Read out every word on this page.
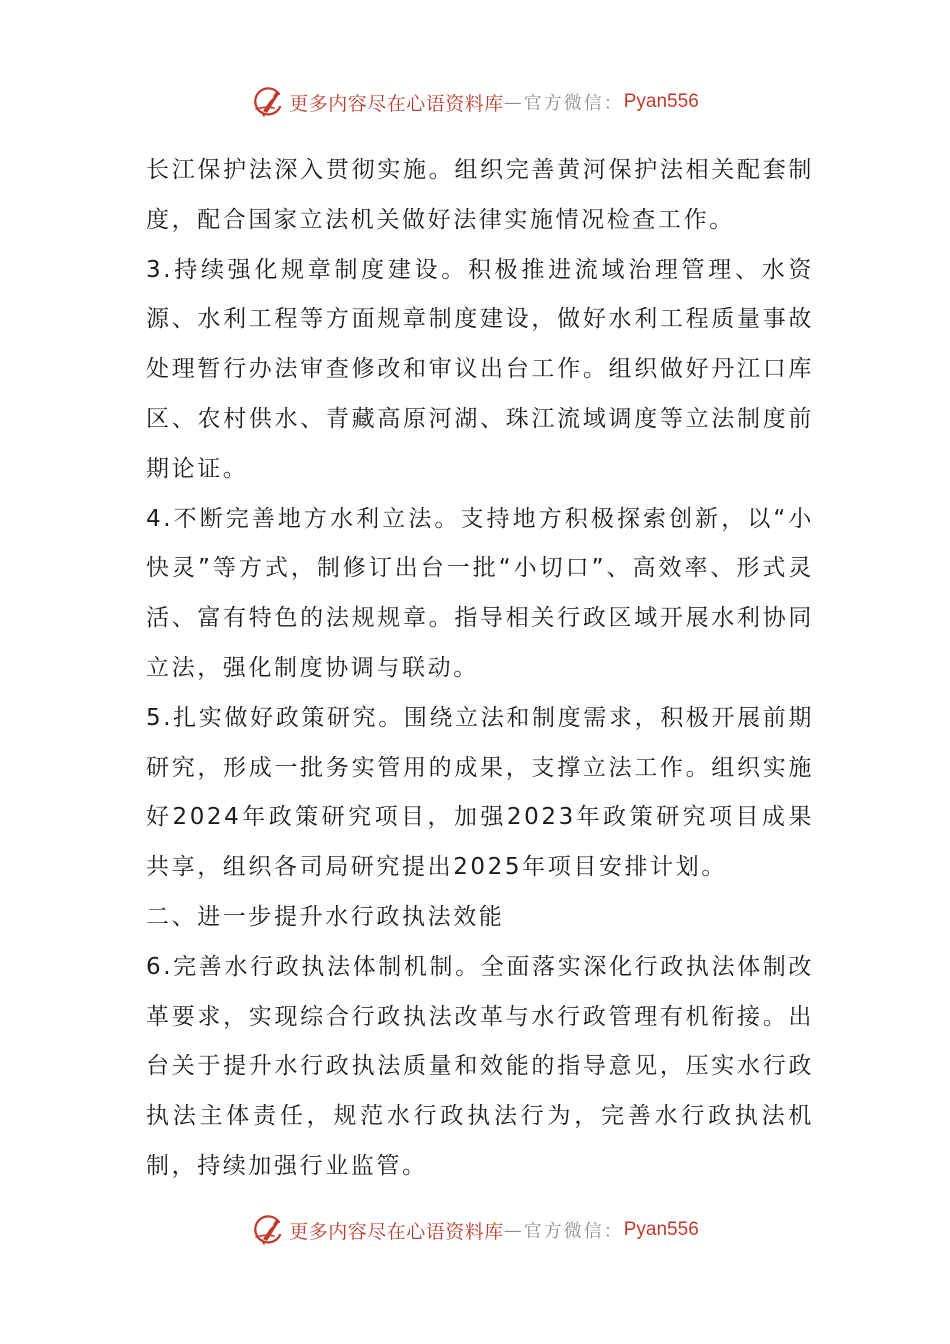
更多内容尽在心语资料库 — 官方微信： Pyan556

长江保护法深入贯彻实施。组织完善黄河保护法相关配套制度，配合国家立法机关做好法律实施情况检查工作。

3.持续强化规章制度建设。积极推进流域治理管理、水资源、水利工程等方面规章制度建设，做好水利工程质量事故处理暂行办法审查修改和审议出台工作。组织做好丹江口库区、农村供水、青藏高原河湖、珠江流域调度等立法制度前期论证。

4.不断完善地方水利立法。支持地方积极探索创新，以“小快灵”等方式，制修订出台一批“小切口”、高效率、形式灵活、富有特色的法规规章。指导相关行政区域开展水利协同立法，强化制度协调与联动。

5.扎实做好政策研究。围绕立法和制度需求，积极开展前期研究，形成一批务实管用的成果，支撑立法工作。组织实施好2024年政策研究项目，加强2023年政策研究项目成果共享，组织各司局研究提出2025年项目安排计划。

二、进一步提升水行政执法效能

6.完善水行政执法体制机制。全面落实深化行政执法体制改革要求，实现综合行政执法改革与水行政管理有机衔接。出台关于提升水行政执法质量和效能的指导意见，压实水行政执法主体责任，规范水行政执法行为，完善水行政执法机制，持续加强行业监管。

更多内容尽在心语资料库 — 官方微信： Pyan556
